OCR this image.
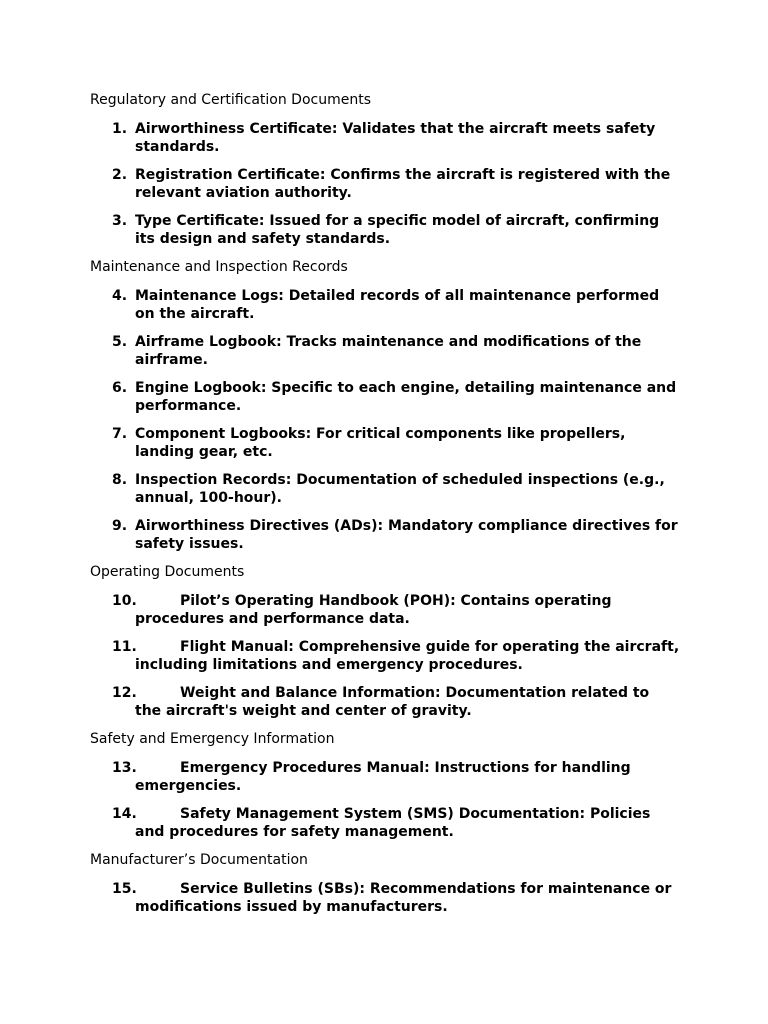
Regulatory and Certification Documents
1. Airworthiness Certificate: Validates that the aircraft meets safety standards.
2. Registration Certificate: Confirms the aircraft is registered with the relevant aviation authority.
3. Type Certificate: Issued for a specific model of aircraft, confirming its design and safety standards.
Maintenance and Inspection Records
4. Maintenance Logs: Detailed records of all maintenance performed on the aircraft.
5. Airframe Logbook: Tracks maintenance and modifications of the airframe.
6. Engine Logbook: Specific to each engine, detailing maintenance and performance.
7. Component Logbooks: For critical components like propellers, landing gear, etc.
8. Inspection Records: Documentation of scheduled inspections (e.g., annual, 100-hour).
9. Airworthiness Directives (ADs): Mandatory compliance directives for safety issues.
Operating Documents
10.	Pilot’s Operating Handbook (POH): Contains operating procedures and performance data.
11.	Flight Manual: Comprehensive guide for operating the aircraft, including limitations and emergency procedures.
12.	Weight and Balance Information: Documentation related to the aircraft's weight and center of gravity.
Safety and Emergency Information
13.	Emergency Procedures Manual: Instructions for handling emergencies.
14.	Safety Management System (SMS) Documentation: Policies and procedures for safety management.
Manufacturer’s Documentation
15.	Service Bulletins (SBs): Recommendations for maintenance or modifications issued by manufacturers.
